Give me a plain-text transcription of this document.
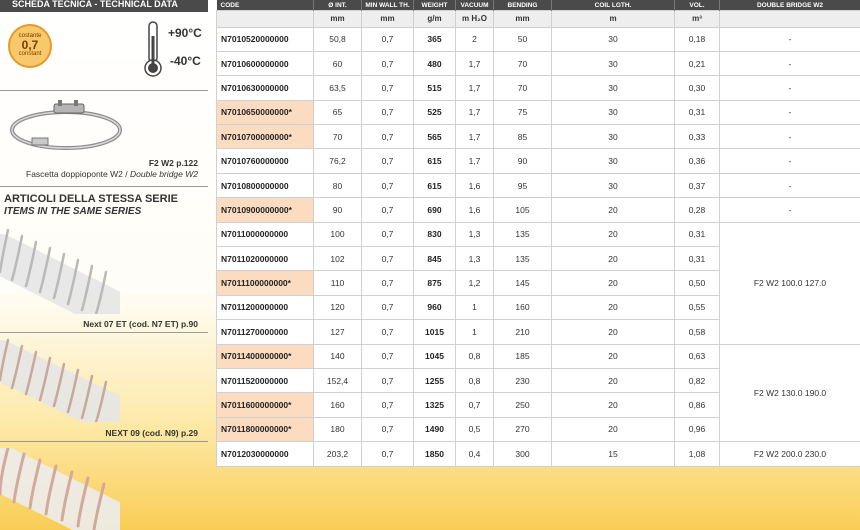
SCHEDA TECNICA - TECHNICAL DATA
costante
0,7
constant
+90°C
-40°C
F2 W2 p.122
Fascetta doppioponte W2 / Double bridge W2
ARTICOLI DELLA STESSA SERIE
ITEMS IN THE SAME SERIES
Next 07 ET (cod. N7 ET) p.90
NEXT 09 (cod. N9) p.29
CODE	Ø INT.	MIN WALL TH.	WEIGHT	VACUUM	BENDING	COIL LGTH.	VOL.	DOUBLE BRIDGE W2
	mm	mm	g/m	m H₂O	mm	m	m³	
N7010520000000	50,8	0,7	365	2	50	30	0,18	-
N7010600000000	60	0,7	480	1,7	70	30	0,21	-
N7010630000000	63,5	0,7	515	1,7	70	30	0,30	-
N7010650000000*	65	0,7	525	1,7	75	30	0,31	-
N7010700000000*	70	0,7	565	1,7	85	30	0,33	-
N7010760000000	76,2	0,7	615	1,7	90	30	0,36	-
N7010800000000	80	0,7	615	1,6	95	30	0,37	-
N7010900000000*	90	0,7	690	1,6	105	20	0,28	-
N7011000000000	100	0,7	830	1,3	135	20	0,31	F2 W2 100.0 127.0
N7011020000000	102	0,7	845	1,3	135	20	0,31	
N7011100000000*	110	0,7	875	1,2	145	20	0,50	
N7011200000000	120	0,7	960	1	160	20	0,55	
N7011270000000	127	0,7	1015	1	210	20	0,58	
N7011400000000*	140	0,7	1045	0,8	185	20	0,63	F2 W2 130.0 190.0
N7011520000000	152,4	0,7	1255	0,8	230	20	0,82	
N7011600000000*	160	0,7	1325	0,7	250	20	0,86	
N7011800000000*	180	0,7	1490	0,5	270	20	0,96	
N7012030000000	203,2	0,7	1850	0,4	300	15	1,08	F2 W2 200.0 230.0
